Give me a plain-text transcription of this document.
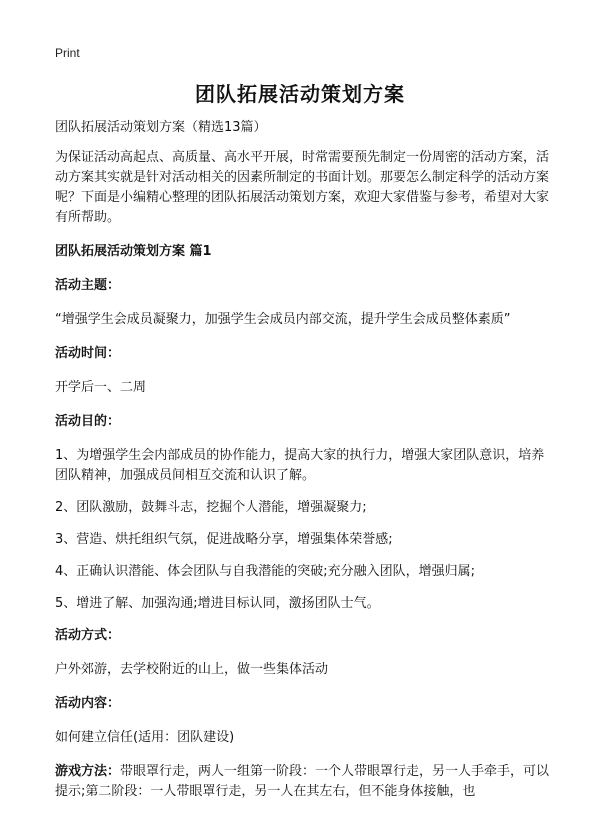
Print
团队拓展活动策划方案

团队拓展活动策划方案（精选13篇）

为保证活动高起点、高质量、高水平开展，时常需要预先制定一份周密的活动方案，活动方案其实就是针对活动相关的因素所制定的书面计划。那要怎么制定科学的活动方案呢？下面是小编精心整理的团队拓展活动策划方案，欢迎大家借鉴与参考，希望对大家有所帮助。

团队拓展活动策划方案 篇1

活动主题：

“增强学生会成员凝聚力，加强学生会成员内部交流，提升学生会成员整体素质”

活动时间：

开学后一、二周

活动目的：

1、为增强学生会内部成员的协作能力，提高大家的执行力，增强大家团队意识，培养团队精神，加强成员间相互交流和认识了解。

2、团队激励，鼓舞斗志，挖掘个人潜能，增强凝聚力;

3、营造、烘托组织气氛，促进战略分享，增强集体荣誉感;

4、正确认识潜能、体会团队与自我潜能的突破;充分融入团队，增强归属;

5、增进了解、加强沟通;增进目标认同，激扬团队士气。

活动方式：

户外郊游，去学校附近的山上，做一些集体活动

活动内容：

如何建立信任(适用：团队建设)

游戏方法：带眼罩行走，两人一组第一阶段：一个人带眼罩行走，另一人手牵手，可以提示;第二阶段：一人带眼罩行走，另一人在其左右，但不能身体接触，也
